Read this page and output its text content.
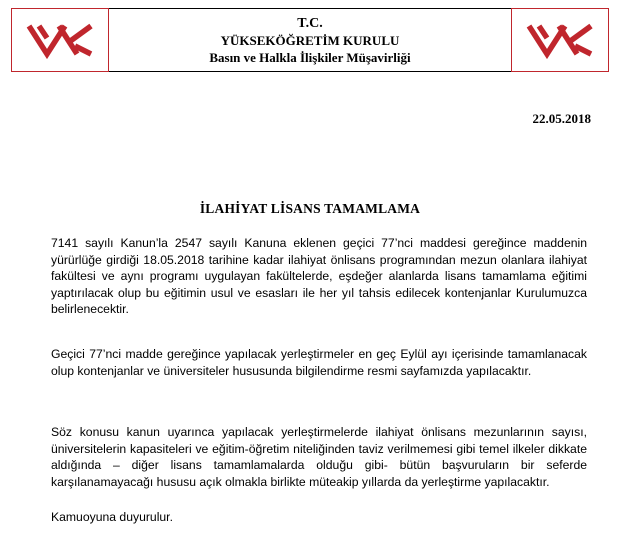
T.C.
YÜKSEKÖĞRETİM KURULU
Basın ve Halkla İlişkiler Müşavirliği
22.05.2018
İLAHİYAT LİSANS TAMAMLAMA

7141 sayılı Kanun’la 2547 sayılı Kanuna eklenen geçici 77’nci maddesi gereğince maddenin yürürlüğe girdiği 18.05.2018 tarihine kadar ilahiyat önlisans programından mezun olanlara ilahiyat fakültesi ve aynı programı uygulayan fakültelerde, eşdeğer alanlarda lisans tamamlama eğitimi yaptırılacak olup bu eğitimin usul ve esasları ile her yıl tahsis edilecek kontenjanlar Kurulumuzca belirlenecektir.

Geçici 77’nci madde gereğince yapılacak yerleştirmeler en geç Eylül ayı içerisinde tamamlanacak olup kontenjanlar ve üniversiteler hususunda bilgilendirme resmi sayfamızda yapılacaktır.

Söz konusu kanun uyarınca yapılacak yerleştirmelerde ilahiyat önlisans mezunlarının sayısı, üniversitelerin kapasiteleri ve eğitim-öğretim niteliğinden taviz verilmemesi gibi temel ilkeler dikkate aldığında – diğer lisans tamamlamalarda olduğu gibi- bütün başvuruların bir seferde karşılanamayacağı hususu açık olmakla birlikte müteakip yıllarda da yerleştirme yapılacaktır.

Kamuoyuna duyurulur.
